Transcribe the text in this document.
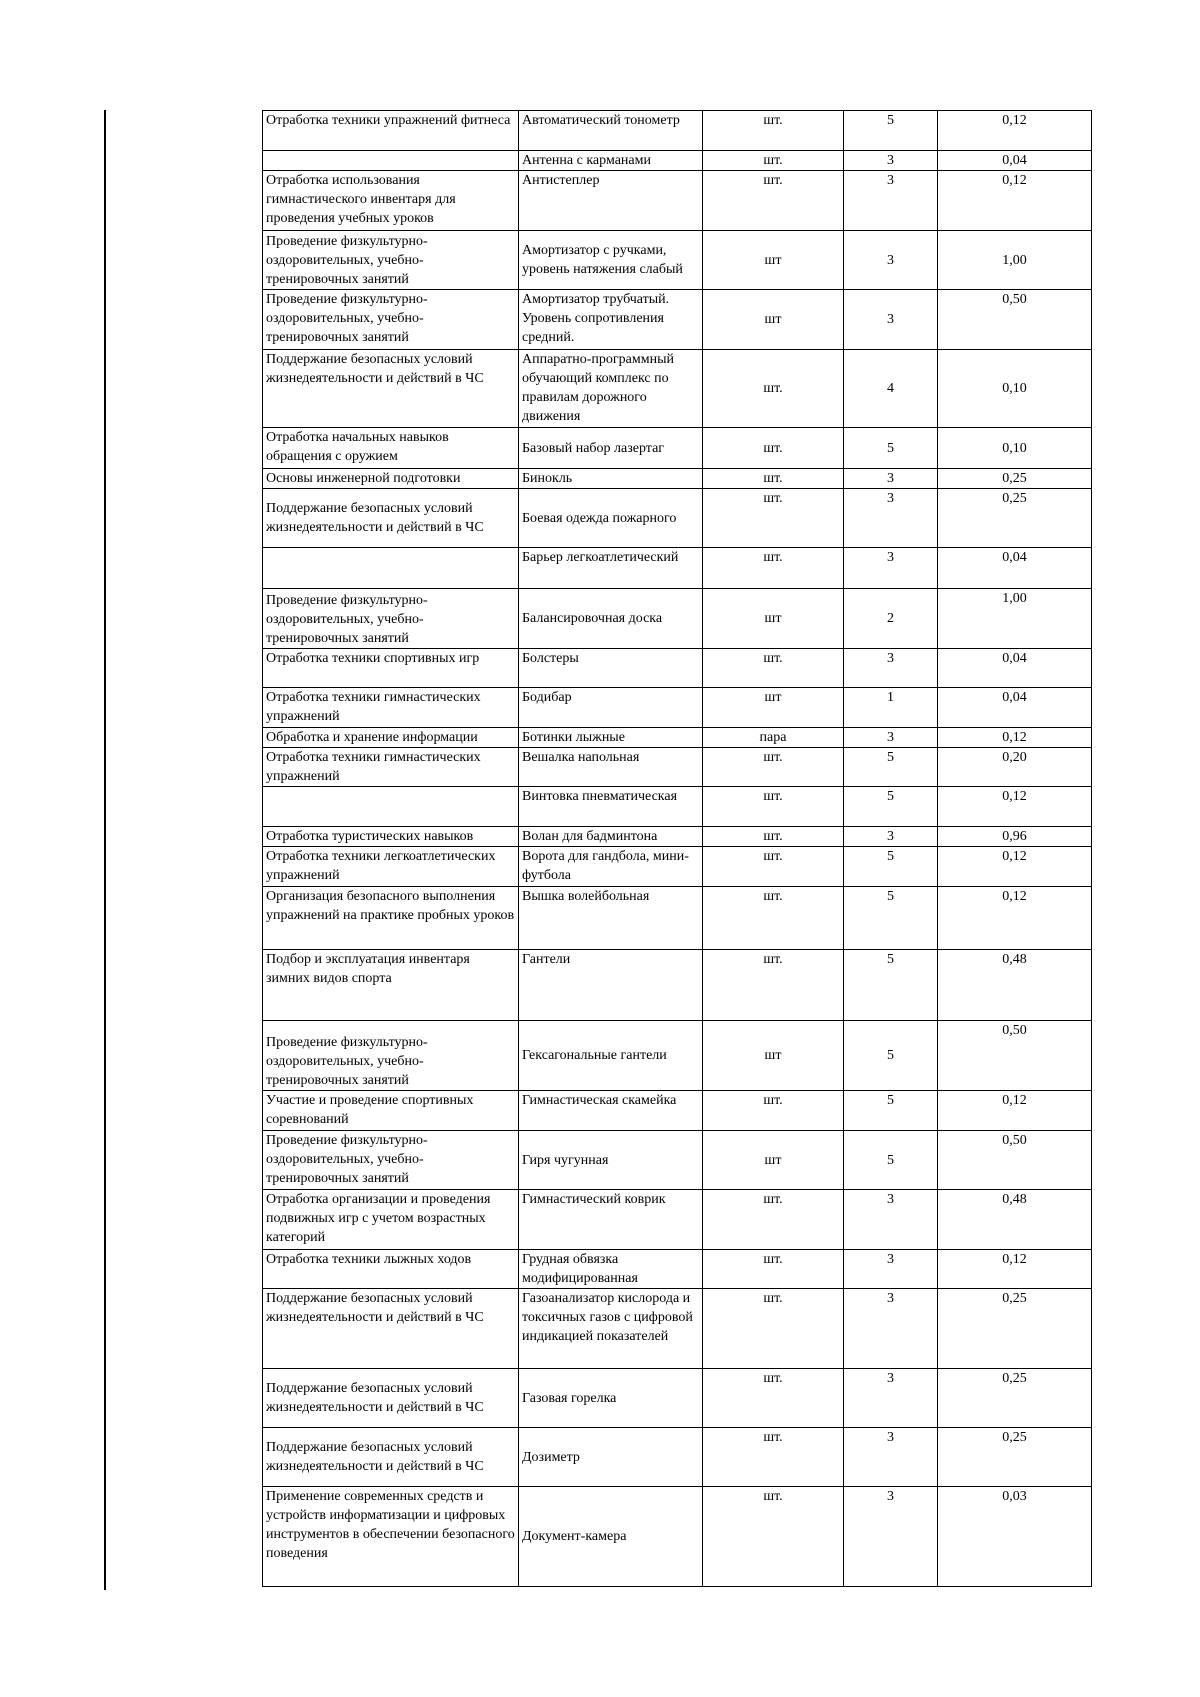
Отработка техники упражнений фитнеса	Автоматический тонометр	шт.	5	0,12
	Антенна с карманами	шт.	3	0,04
Отработка использования гимнастического инвентаря для проведения учебных уроков	Антистеплер	шт.	3	0,12
Проведение физкультурно-оздоровительных, учебно-тренировочных занятий	Амортизатор с ручками, уровень натяжения слабый	шт	3	1,00
Проведение физкультурно-оздоровительных, учебно-тренировочных занятий	Амортизатор трубчатый. Уровень сопротивления средний.	шт	3	0,50
Поддержание безопасных условий жизнедеятельности и действий в ЧС	Аппаратно-программный обучающий комплекс по правилам дорожного движения	шт.	4	0,10
Отработка начальных навыков обращения с оружием	Базовый набор лазертаг	шт.	5	0,10
Основы инженерной подготовки	Бинокль	шт.	3	0,25
Поддержание безопасных условий жизнедеятельности и действий в ЧС	Боевая одежда пожарного	шт.	3	0,25
	Барьер легкоатлетический	шт.	3	0,04
Проведение физкультурно-оздоровительных, учебно-тренировочных занятий	Балансировочная доска	шт	2	1,00
Отработка техники спортивных игр	Болстеры	шт.	3	0,04
Отработка техники гимнастических упражнений	Бодибар	шт	1	0,04
Обработка и хранение информации	Ботинки лыжные	пара	3	0,12
Отработка техники гимнастических упражнений	Вешалка напольная	шт.	5	0,20
	Винтовка пневматическая	шт.	5	0,12
Отработка туристических навыков	Волан для бадминтона	шт.	3	0,96
Отработка техники легкоатлетических упражнений	Ворота для гандбола, мини-футбола	шт.	5	0,12
Организация безопасного выполнения упражнений на практике пробных уроков	Вышка волейбольная	шт.	5	0,12
Подбор и эксплуатация инвентаря зимних видов спорта	Гантели	шт.	5	0,48
Проведение физкультурно-оздоровительных, учебно-тренировочных занятий	Гексагональные гантели	шт	5	0,50
Участие и проведение спортивных соревнований	Гимнастическая скамейка	шт.	5	0,12
Проведение физкультурно-оздоровительных, учебно-тренировочных занятий	Гиря чугунная	шт	5	0,50
Отработка организации и проведения подвижных игр с учетом возрастных категорий	Гимнастический коврик	шт.	3	0,48
Отработка техники лыжных ходов	Грудная обвязка модифицированная	шт.	3	0,12
Поддержание безопасных условий жизнедеятельности и действий в ЧС	Газоанализатор кислорода и токсичных газов с цифровой индикацией показателей	шт.	3	0,25
Поддержание безопасных условий жизнедеятельности и действий в ЧС	Газовая горелка	шт.	3	0,25
Поддержание безопасных условий жизнедеятельности и действий в ЧС	Дозиметр	шт.	3	0,25
Применение современных средств и устройств информатизации и цифровых инструментов в обеспечении безопасного поведения	Документ-камера	шт.	3	0,03
